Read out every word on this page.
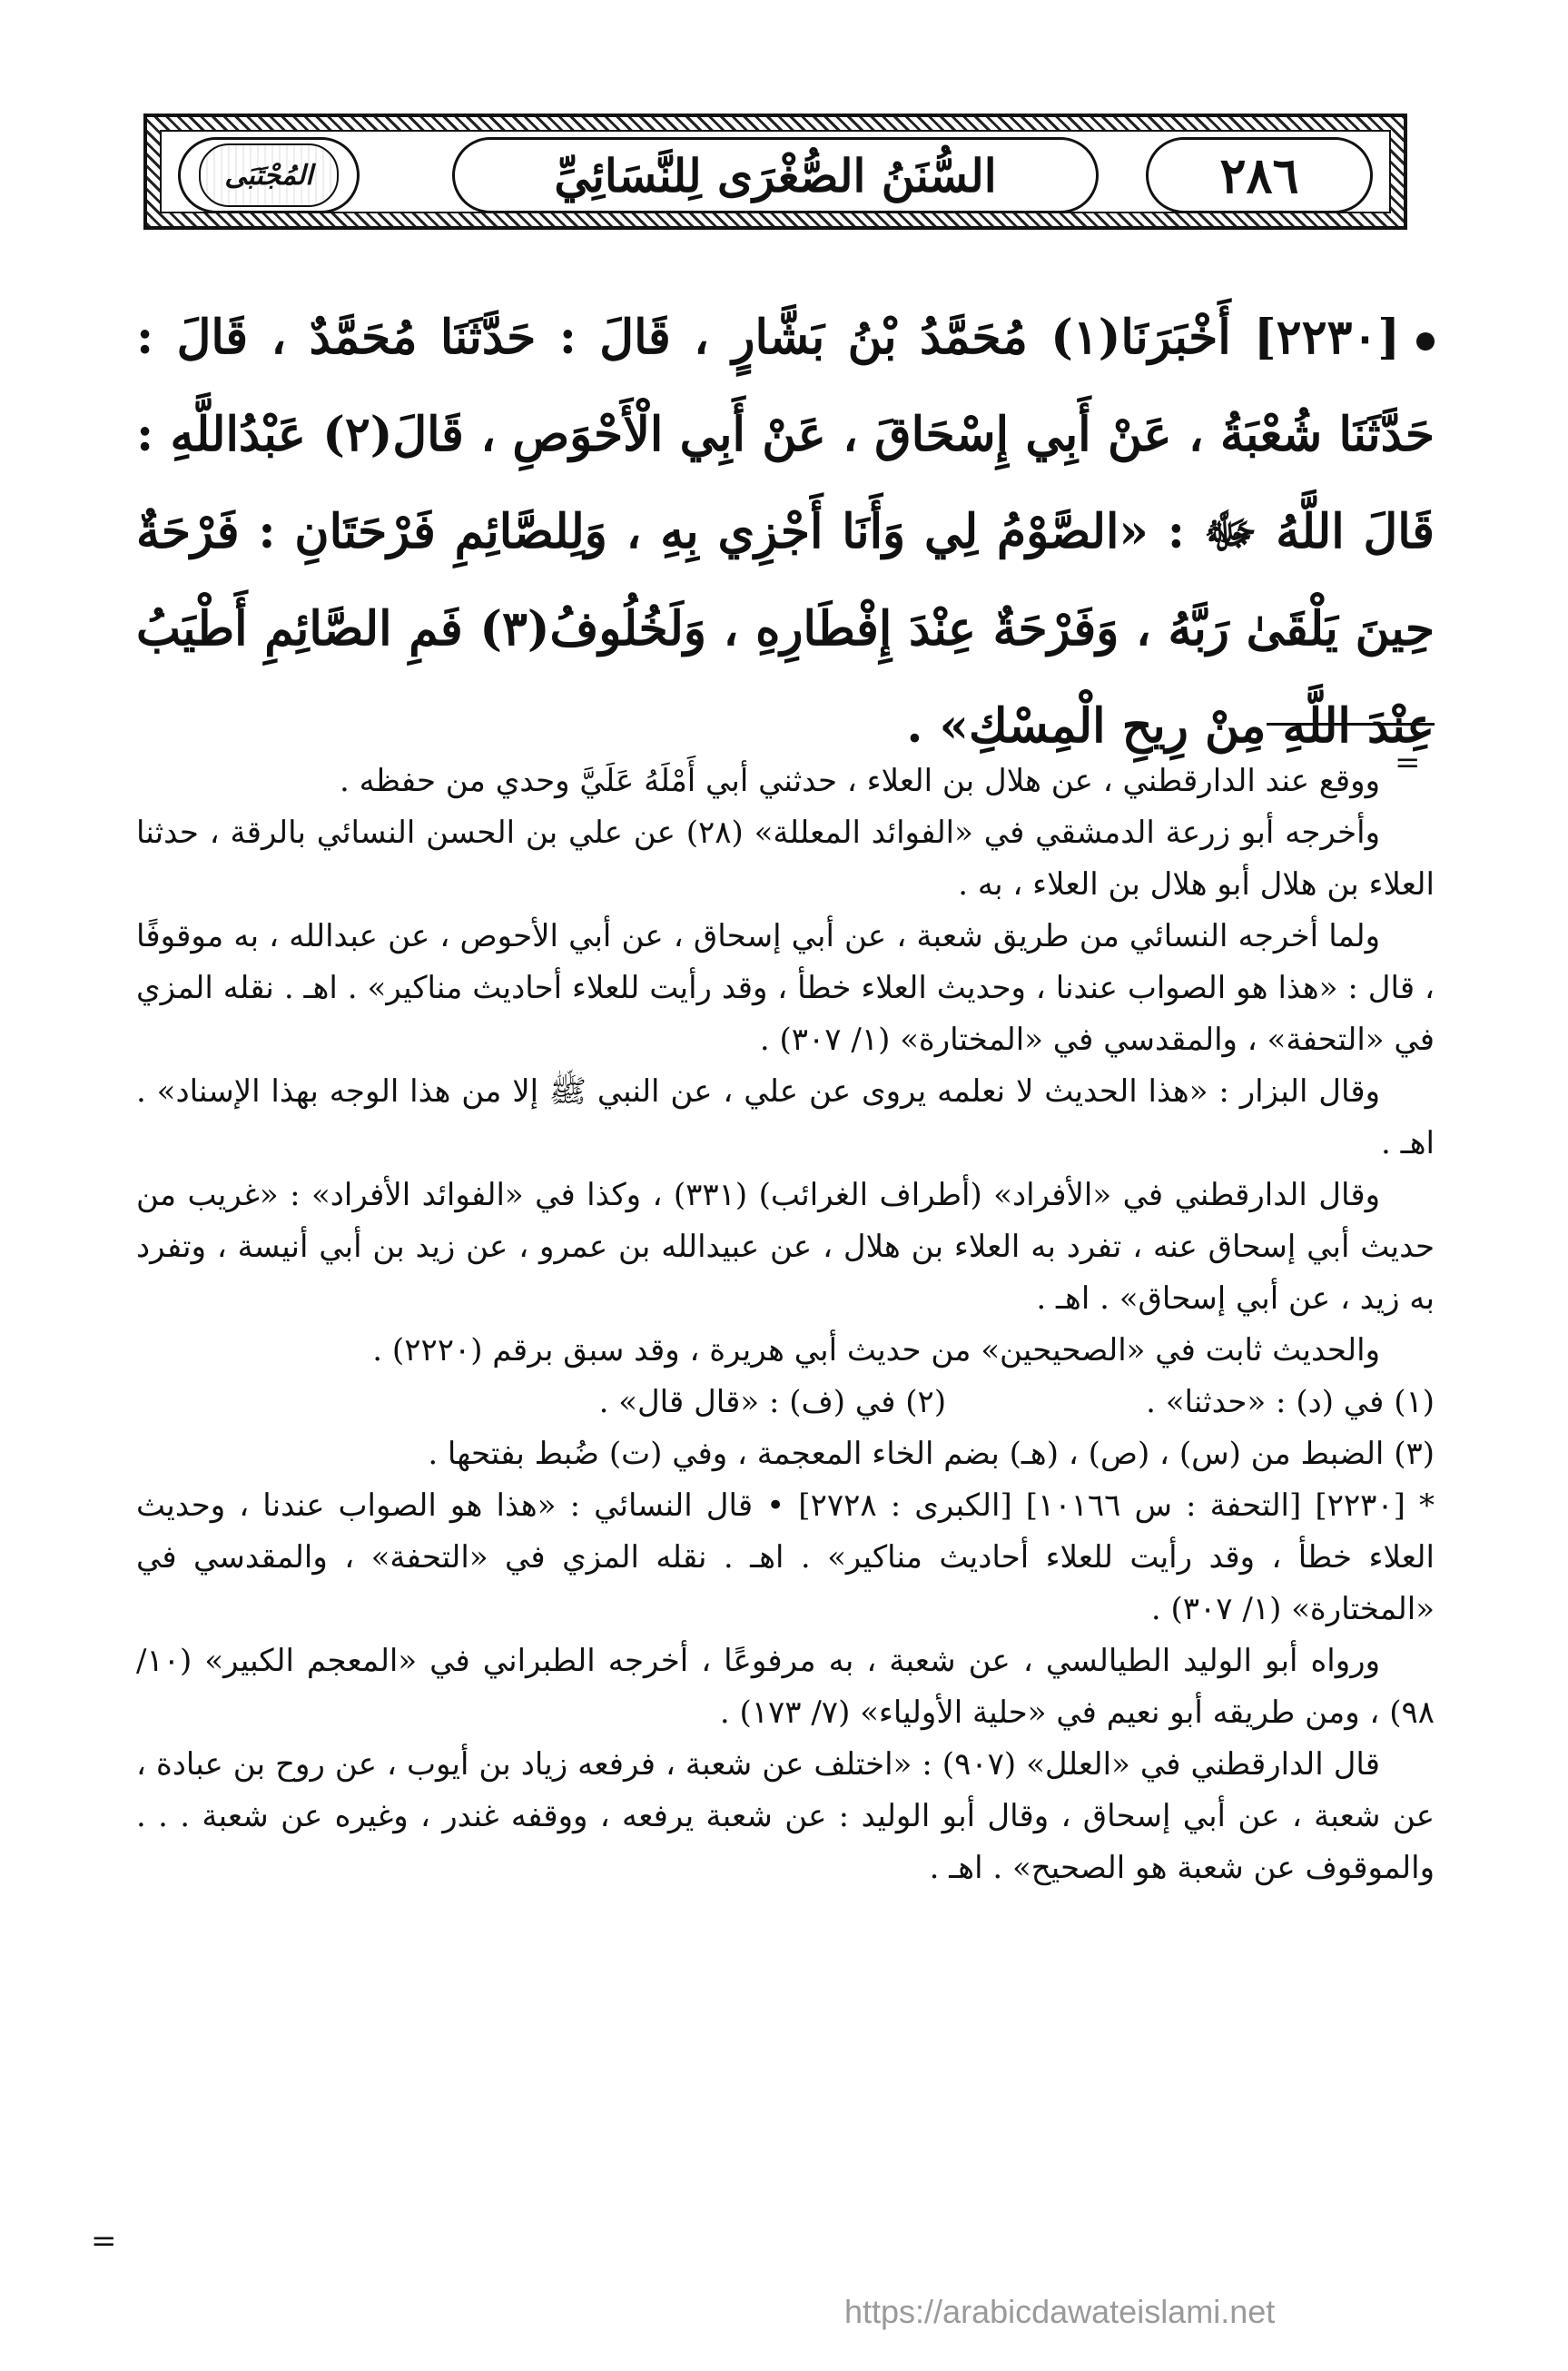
٢٨٦
السُّنَنُ الصُّغْرَى لِلنَّسَائِيِّ
المُجْتَبَى
[٢٢٣٠] أَخْبَرَنَا(١) مُحَمَّدُ بْنُ بَشَّارٍ ، قَالَ : حَدَّثَنَا مُحَمَّدٌ ، قَالَ : حَدَّثَنَا شُعْبَةُ ، عَنْ أَبِي إِسْحَاقَ ، عَنْ أَبِي الْأَحْوَصِ ، قَالَ(٢) عَبْدُاللَّهِ : قَالَ اللَّهُ ﷻ : «الصَّوْمُ لِي وَأَنَا أَجْزِي بِهِ ، وَلِلصَّائِمِ فَرْحَتَانِ : فَرْحَةٌ حِينَ يَلْقَىٰ رَبَّهُ ، وَفَرْحَةٌ عِنْدَ إِفْطَارِهِ ، وَلَخُلُوفُ(٣) فَمِ الصَّائِمِ أَطْيَبُ عِنْدَ اللَّهِ مِنْ رِيحِ الْمِسْكِ» .
=

ووقع عند الدارقطني ، عن هلال بن العلاء ، حدثني أبي أَمْلَهُ عَلَيَّ وحدي من حفظه .

وأخرجه أبو زرعة الدمشقي في «الفوائد المعللة» (٢٨) عن علي بن الحسن النسائي بالرقة ، حدثنا العلاء بن هلال أبو هلال بن العلاء ، به .

ولما أخرجه النسائي من طريق شعبة ، عن أبي إسحاق ، عن أبي الأحوص ، عن عبدالله ، به موقوفًا ، قال : «هذا هو الصواب عندنا ، وحديث العلاء خطأ ، وقد رأيت للعلاء أحاديث مناكير» . اهـ . نقله المزي في «التحفة» ، والمقدسي في «المختارة» (١/ ٣٠٧) .

وقال البزار : «هذا الحديث لا نعلمه يروى عن علي ، عن النبي ﷺ إلا من هذا الوجه بهذا الإسناد» . اهـ .

وقال الدارقطني في «الأفراد» (أطراف الغرائب) (٣٣١) ، وكذا في «الفوائد الأفراد» : «غريب من حديث أبي إسحاق عنه ، تفرد به العلاء بن هلال ، عن عبيدالله بن عمرو ، عن زيد بن أبي أنيسة ، وتفرد به زيد ، عن أبي إسحاق» . اهـ .

والحديث ثابت في «الصحيحين» من حديث أبي هريرة ، وقد سبق برقم (٢٢٢٠) .

(١) في (د) : «حدثنا» .
(٢) في (ف) : «قال قال» .

(٣) الضبط من (س) ، (ص) ، (هـ) بضم الخاء المعجمة ، وفي (ت) ضُبط بفتحها .

* [٢٢٣٠] [التحفة : س ١٠١٦٦] [الكبرى : ٢٧٢٨] • قال النسائي : «هذا هو الصواب عندنا ، وحديث العلاء خطأ ، وقد رأيت للعلاء أحاديث مناكير» . اهـ . نقله المزي في «التحفة» ، والمقدسي في «المختارة» (١/ ٣٠٧) .

ورواه أبو الوليد الطيالسي ، عن شعبة ، به مرفوعًا ، أخرجه الطبراني في «المعجم الكبير» (١٠/ ٩٨) ، ومن طريقه أبو نعيم في «حلية الأولياء» (٧/ ١٧٣) .

قال الدارقطني في «العلل» (٩٠٧) : «اختلف عن شعبة ، فرفعه زياد بن أيوب ، عن روح بن عبادة ، عن شعبة ، عن أبي إسحاق ، وقال أبو الوليد : عن شعبة يرفعه ، ووقفه غندر ، وغيره عن شعبة . . . والموقوف عن شعبة هو الصحيح» . اهـ .

=
https://arabicdawateislami.net
